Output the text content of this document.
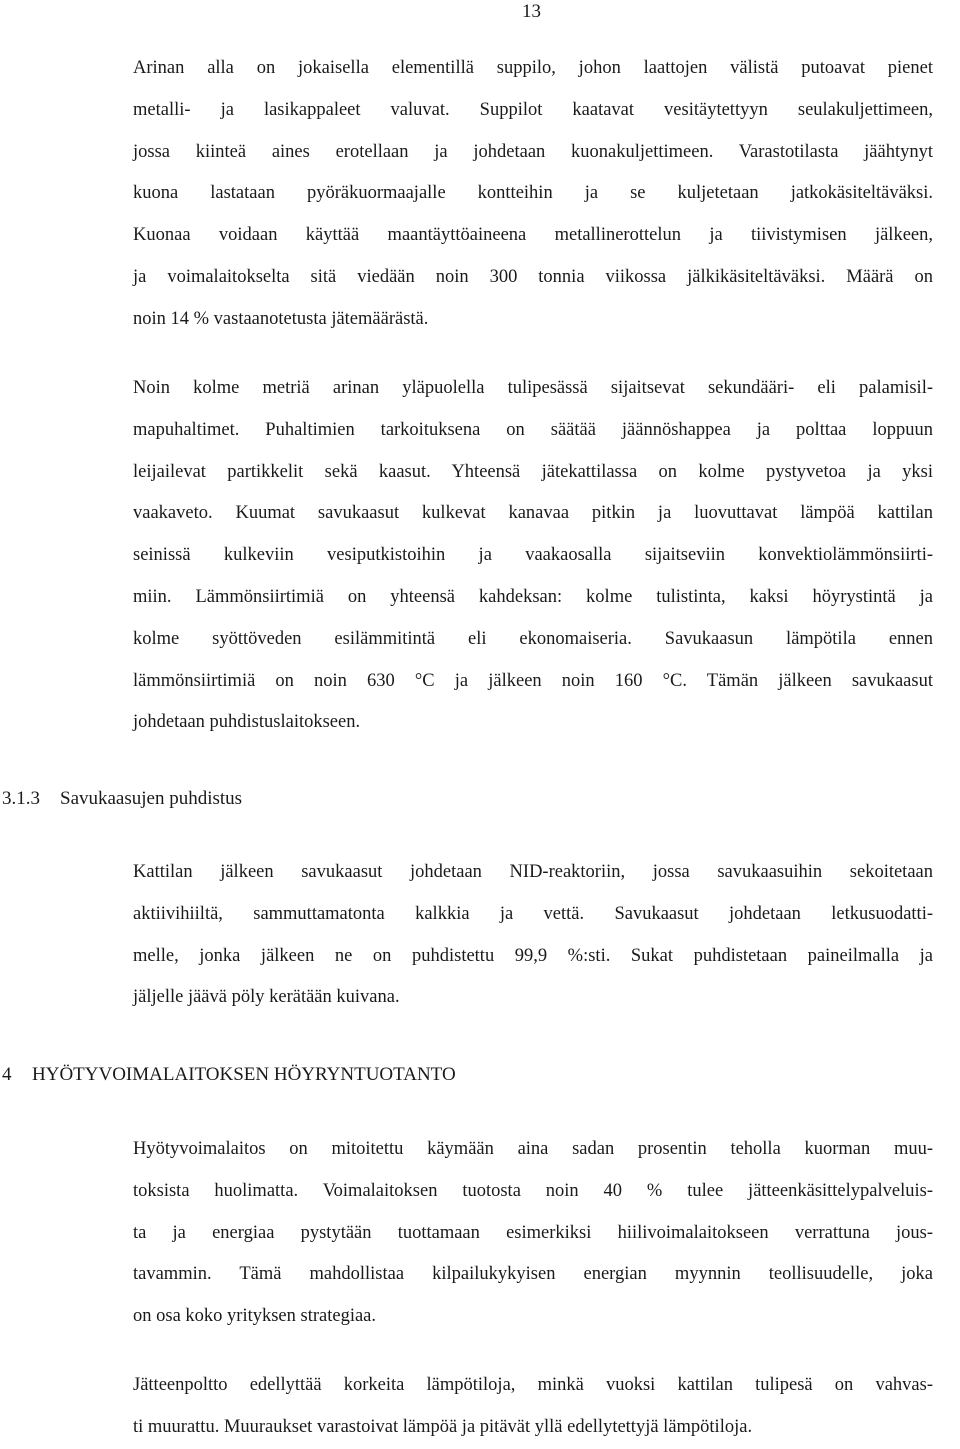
13

Arinan alla on jokaisella elementillä suppilo, johon laattojen välistä putoavat pienet
metalli- ja lasikappaleet valuvat. Suppilot kaatavat vesitäytettyyn seulakuljettimeen,
jossa kiinteä aines erotellaan ja johdetaan kuonakuljettimeen. Varastotilasta jäähtynyt
kuona lastataan pyöräkuormaajalle kontteihin ja se kuljetetaan jatkokäsiteltäväksi.
Kuonaa voidaan käyttää maantäyttöaineena metallinerottelun ja tiivistymisen jälkeen,
ja voimalaitokselta sitä viedään noin 300 tonnia viikossa jälkikäsiteltäväksi. Määrä on
noin 14 % vastaanotetusta jätemäärästä.

Noin kolme metriä arinan yläpuolella tulipesässä sijaitsevat sekundääri- eli palamisil-
mapuhaltimet. Puhaltimien tarkoituksena on säätää jäännöshappea ja polttaa loppuun
leijailevat partikkelit sekä kaasut. Yhteensä jätekattilassa on kolme pystyvetoa ja yksi
vaakaveto. Kuumat savukaasut kulkevat kanavaa pitkin ja luovuttavat lämpöä kattilan
seinissä kulkeviin vesiputkistoihin ja vaakaosalla sijaitseviin konvektiolämmönsiirti-
miin. Lämmönsiirtimiä on yhteensä kahdeksan: kolme tulistinta, kaksi höyrystintä ja
kolme syöttöveden esilämmitintä eli ekonomaiseria. Savukaasun lämpötila ennen
lämmönsiirtimiä on noin 630 °C ja jälkeen noin 160 °C. Tämän jälkeen savukaasut
johdetaan puhdistuslaitokseen.

3.1.3 Savukaasujen puhdistus

Kattilan jälkeen savukaasut johdetaan NID-reaktoriin, jossa savukaasuihin sekoitetaan
aktiivihiiltä, sammuttamatonta kalkkia ja vettä. Savukaasut johdetaan letkusuodatti-
melle, jonka jälkeen ne on puhdistettu 99,9 %:sti. Sukat puhdistetaan paineilmalla ja
jäljelle jäävä pöly kerätään kuivana.

4 HYÖTYVOIMALAITOKSEN HÖYRYNTUOTANTO

Hyötyvoimalaitos on mitoitettu käymään aina sadan prosentin teholla kuorman muu-
toksista huolimatta. Voimalaitoksen tuotosta noin 40 % tulee jätteenkäsittelypalveluis-
ta ja energiaa pystytään tuottamaan esimerkiksi hiilivoimalaitokseen verrattuna jous-
tavammin. Tämä mahdollistaa kilpailukykyisen energian myynnin teollisuudelle, joka
on osa koko yrityksen strategiaa.

Jätteenpoltto edellyttää korkeita lämpötiloja, minkä vuoksi kattilan tulipesä on vahvas-
ti muurattu. Muuraukset varastoivat lämpöä ja pitävät yllä edellytettyjä lämpötiloja.
